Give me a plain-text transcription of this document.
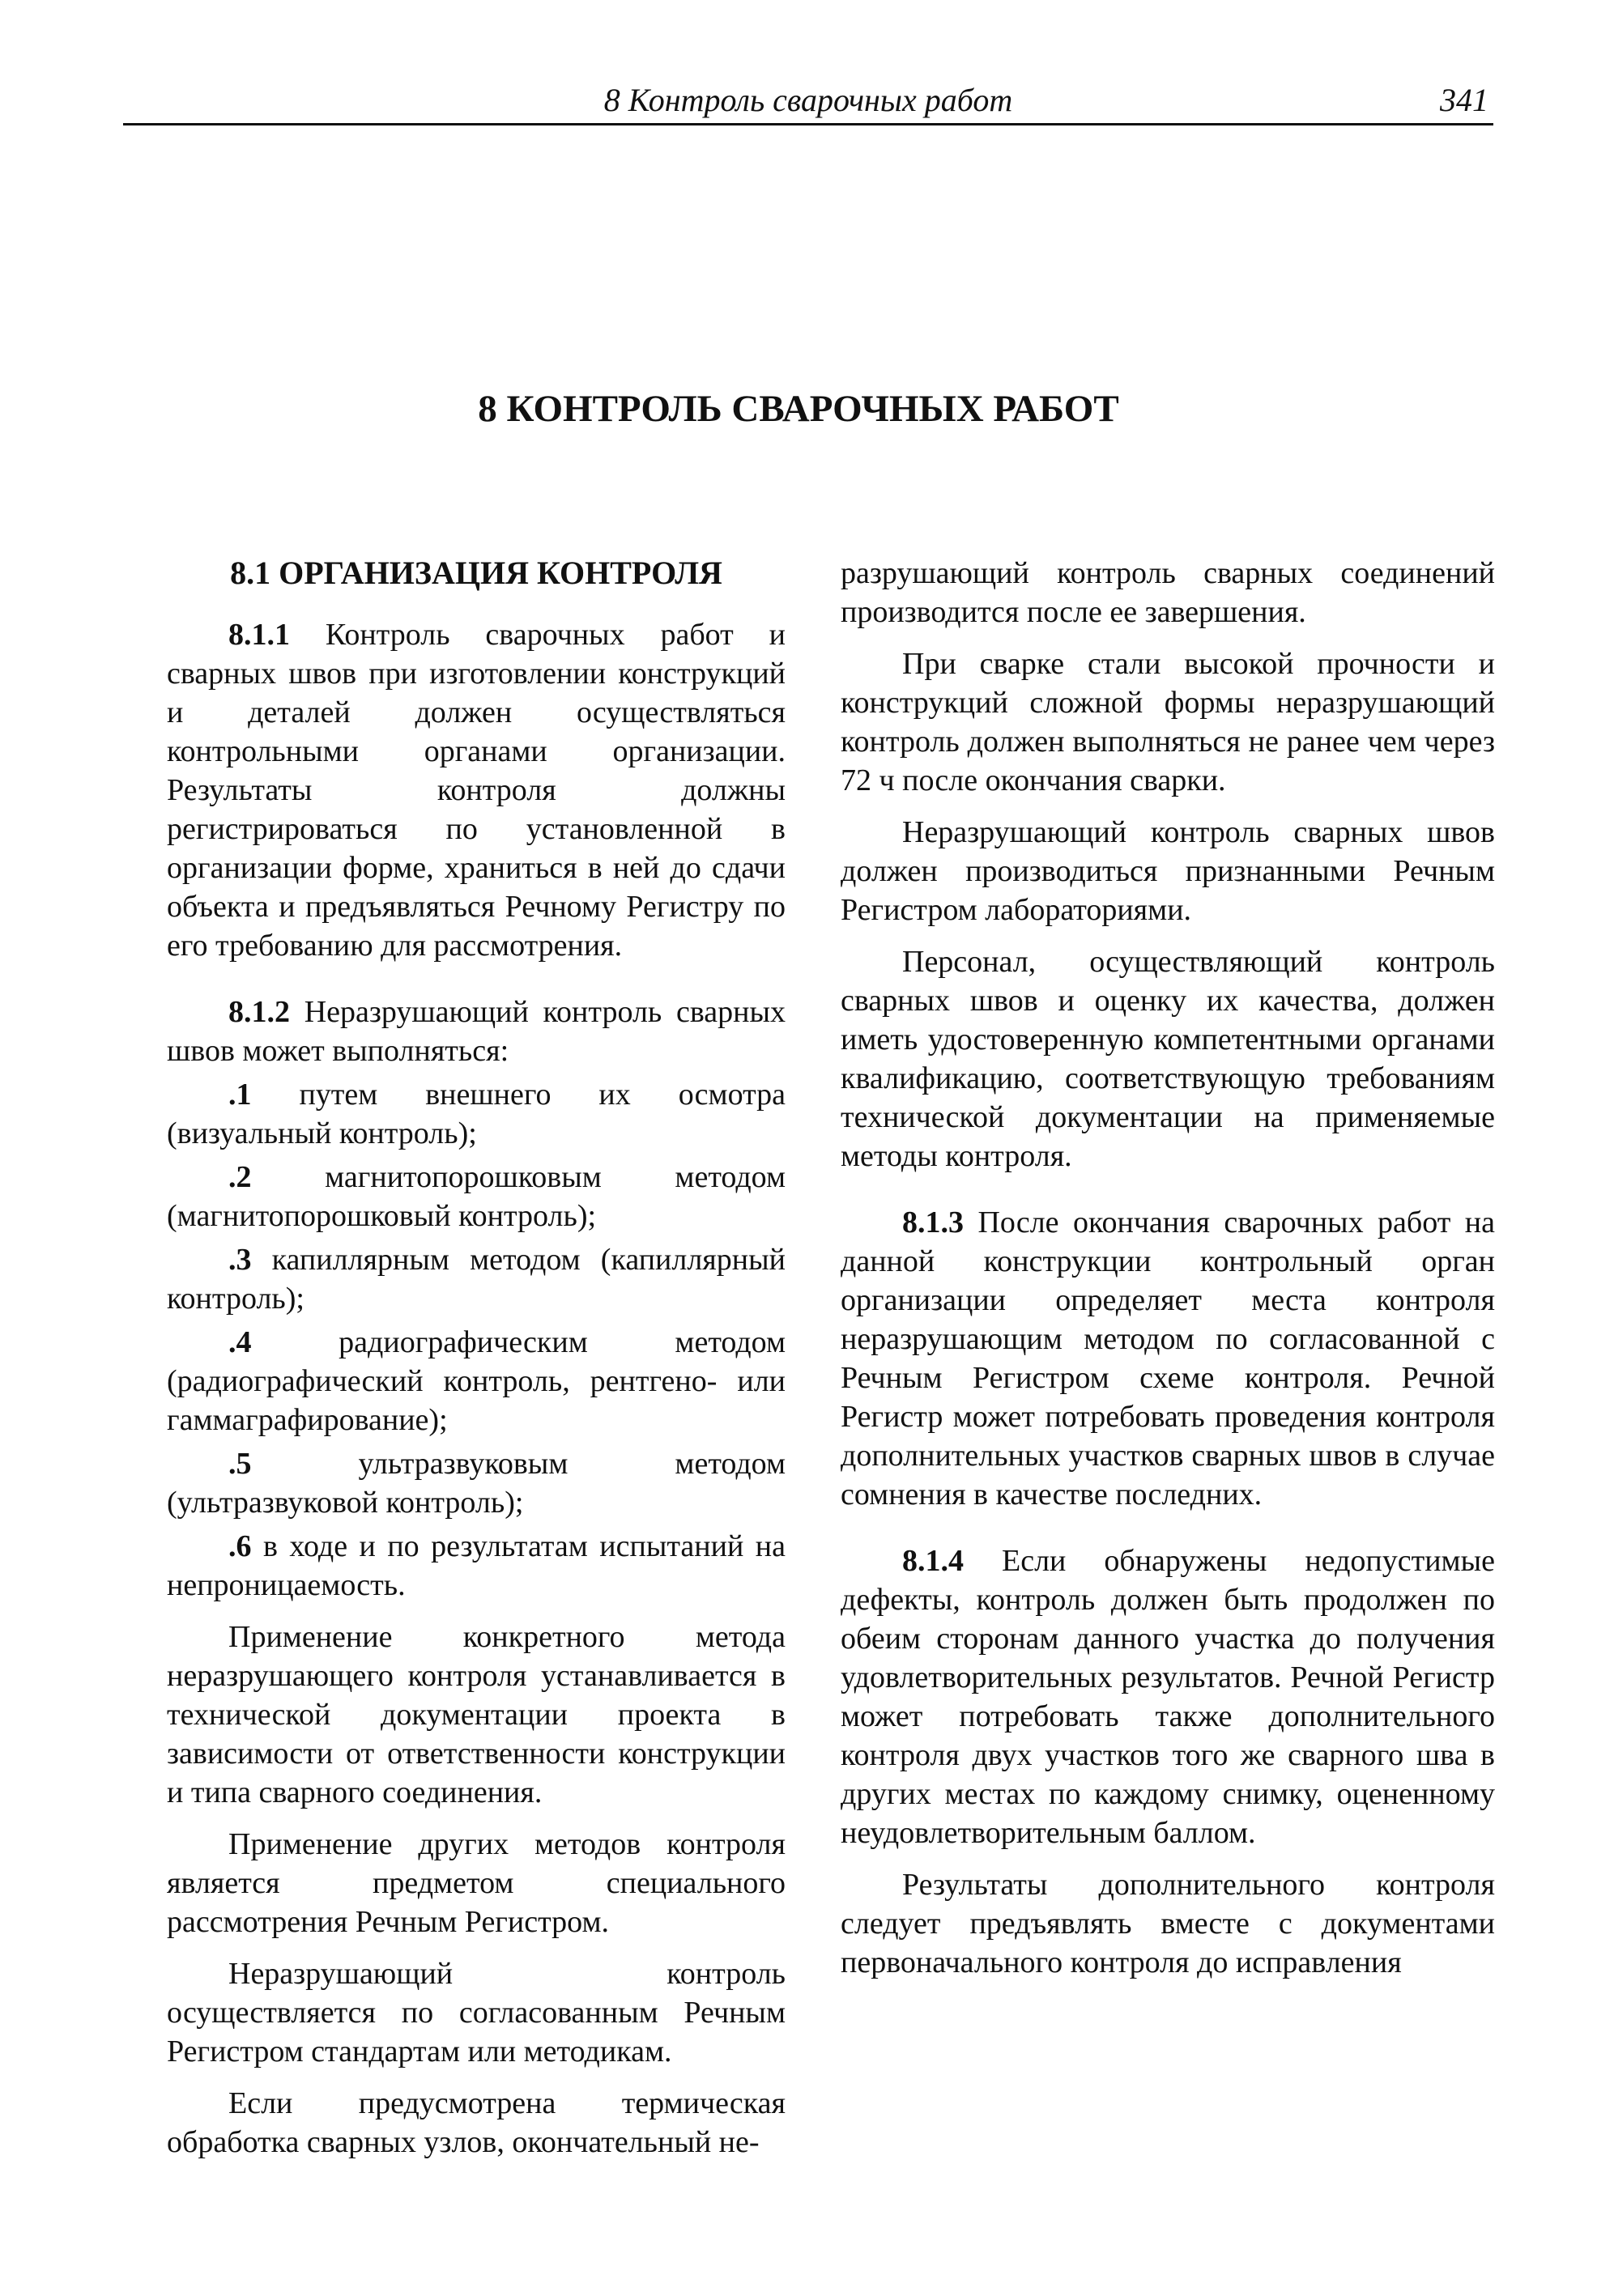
8 Контроль сварочных работ	341
8 КОНТРОЛЬ СВАРОЧНЫХ РАБОТ
8.1 ОРГАНИЗАЦИЯ КОНТРОЛЯ

8.1.1 Контроль сварочных работ и сварных швов при изготовлении конструкций и деталей должен осуществляться контрольными органами организации. Результаты контроля должны регистрироваться по установленной в организации форме, храниться в ней до сдачи объекта и предъявляться Речному Регистру по его требованию для рассмотрения.

8.1.2 Неразрушающий контроль сварных швов может выполняться:

.1 путем внешнего их осмотра (визуальный контроль);

.2 магнитопорошковым методом (магнитопорошковый контроль);

.3 капиллярным методом (капиллярный контроль);

.4 радиографическим методом (радиографический контроль, рентгено- или гаммаграфирование);

.5 ультразвуковым методом (ультразвуковой контроль);

.6 в ходе и по результатам испытаний на непроницаемость.

Применение конкретного метода неразрушающего контроля устанавливается в технической документации проекта в зависимости от ответственности конструкции и типа сварного соединения.

Применение других методов контроля является предметом специального рассмотрения Речным Регистром.

Неразрушающий контроль осуществляется по согласованным Речным Регистром стандартам или методикам.

Если предусмотрена термическая обработка сварных узлов, окончательный не-

разрушающий контроль сварных соединений производится после ее завершения.

При сварке стали высокой прочности и конструкций сложной формы неразрушающий контроль должен выполняться не ранее чем через 72 ч после окончания сварки.

Неразрушающий контроль сварных швов должен производиться признанными Речным Регистром лабораториями.

Персонал, осуществляющий контроль сварных швов и оценку их качества, должен иметь удостоверенную компетентными органами квалификацию, соответствующую требованиям технической документации на применяемые методы контроля.

8.1.3 После окончания сварочных работ на данной конструкции контрольный орган организации определяет места контроля неразрушающим методом по согласованной с Речным Регистром схеме контроля. Речной Регистр может потребовать проведения контроля дополнительных участков сварных швов в случае сомнения в качестве последних.

8.1.4 Если обнаружены недопустимые дефекты, контроль должен быть продолжен по обеим сторонам данного участка до получения удовлетворительных результатов. Речной Регистр может потребовать также дополнительного контроля двух участков того же сварного шва в других местах по каждому снимку, оцененному неудовлетворительным баллом.

Результаты дополнительного контроля следует предъявлять вместе с документами первоначального контроля до исправления
